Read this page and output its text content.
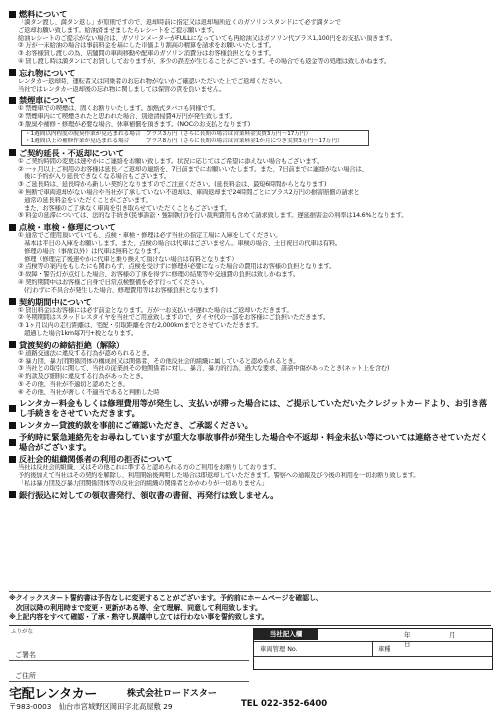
燃料について
「満タン渡し、満タン返し」が原則ですので、返却時前に指定又は返却場所近くのガソリンスタンドにて必ず満タンで
ご返却お願い致します。給油済ませましたらレシートをご提示願います。
給油レシートのご提示がない場合は、ガソリンメーターがFULLになっていても再給油又はガソリン代プラス1,100円をお支払い頂きます。
② 万が一未給油の場合は事前料金を基にした市価より割高の精算を請求をお願いいたします。
③ お客様貸し渡しの為、店舗間の車両移動や配車のガソリン消費分はお客様負担となります。
④ 貸し渡し時は満タンにてお貸ししておりますが、多少の誤差が生じることがございます。その場合でも返金等の処理は致しかねます。
忘れ物について
レンタカー返却時、運転者又は同乗者のお忘れ物がないかご確認いただいた上でご返却ください。
当社ではレンタカー返却後の忘れ物に関しましては保管の責を負いません。
禁煙車について
① 禁煙車での喫煙は、固くお断りいたします。加熱式タバコも同様です。
② 禁煙車内にて喫煙されたと思われた場合、別途清掃費4万円が発生致します。
③ 脱臭や補修・修理が必要な場合、休車補償を頂きます。(NOCのお支払となります)
・1週間以内程度の脱臭作業が見込まれる場合　プラス3万円（さらに長期の場合は営業料金実費3万円～17万円）
・1週間以上の補修作業が見込まれる場合　　　プラス8万円（さらに長期の場合は営業料金1か月につき実費3万円～17万円）
ご契約延長・不返却について
① ご契約時間の変更は速やかにご連絡をお願い致します。状況に応じてはご希望に添えない場合もございます。
② 一ヶ月以上ご利用のお客様は延長／ご返却の連絡を、7日前までにお願いいたします。また、7日前までに連絡がない場合は、
　後に予約が入り延長できなくなる場合もございます。
③ ご延長時は、延長時から新しい契約となりますのでご注意ください。(延長料金は、最短6時間からとなります)
④ 無断で車両返却がない場合や当社が了承していない不返却は、車両返却まで24時間ごとにプラス2万円の損害賠償の請求と
　通常の延長料金をいただくことがございます。
　また、お客様のご了承なく車両を引き取らせていただくこともございます。
⑤ 料金の延滞については、法的な手続き(民事訴訟・強制執行)を行い裁判費用も含めて請求致します。遅延損害金の利率は14.6%となります。
点検・車検・修理について
① 通常でご使用頂いていても、点検・車検・修理は必ず当社の指定工場に入庫をしてください。
　基本は平日の入庫をお願いします。また、点検の場合は代車はございません。車検の場合、土日祝日の代車は有料。
　修理の場合（事故以外）は代車は無料となります。
　修理（修理完了後速やかに代車と乗り換えて頂けない場合は有料となります）
② 点検等の案内をもしたにも関わらず、点検を受けずに修理が必要になった場合の費用はお客様の負担となります。
③ 故障・警告灯が点灯した場合、お客様の了承を得ずに修理の結果等や交通費の負担は致しかねます。
④ 契約期間中はお客様ご自身で日常点検整備を必ず行ってください。
　(行わずに不具合が発生した場合、修理費用等はお客様負担となります)
契約期間中について
① 貸出料金はお客様には必ず前金となります。万が一お支払いが遅れた場合はご返却いただきます。
② 冬期期間はスタッドレスタイヤを当社でご用意致しますので、タイヤ代の一部をお客様にご負担いただきます。
③ 1ヶ月以内の走行距離は、宅配・引取距離を含む2,000kmまでとさせていただきます。
　超過した場合1km毎7円+税となります。
貸渡契約の締結拒絶（解除）
① 道路交通法に違反する行為が認められるとき。
② 暴力団、暴力団関係団体の構成員又は関係者、その他反社会的組織に属していると認められるとき。
③ 当社との取引に関して、当社の従業員その他関係者に対し、暴言、暴力的行為、過大な要求、誹謗中傷があったとき(ネット上を含む)
④ 約款及び細則に違反する行為があったとき。
⑤ その他、当社が不適切と認めたとき。
⑥ その他、当社が著しく不適当であると判断した時
レンタカー料金もしくは修理費用等が発生し、支払いが滞った場合には、ご提示していただいたクレジットカードより、お引き落し手続きをさせていただきます。
レンタカー貸渡約款を事前にご確認いただき、ご承認ください。
予約時に緊急連絡先をお尋ねしていますが重大な事故事件が発生した場合や不返却・料金未払い等については連絡させていただく場合がございます。
反社会的組織関係者の利用の拒否について
当社は反社会的組織、又はその他これに準ずると認められる方のご利用をお断りしております。
予約後加えて当社はその契約を解除し、利用開始後判明した場合は即返却していただきます。警察への通報及び今後の利用を一切お断り致します。
「私は暴力団及び暴力団関係団体等の反社会的組織の関係者とかかわりが一切ありません」
銀行振込に対しての領収書発行、領収書の書留、再発行は致しません。
※クイックスタート誓約書は予告なしに変更することがございます。予約前にホームページを確認し、
　次回以降の利用時まで変更・更新がある等、全て理解、同意して利用致します。
※上記内容をすべて確認・了承・熟守し異議申し立ては行わない事を誓約致します。
ふりがな
ご署名
ご住所
当社記入欄	年　月　日
車両管理 No.	車種
宅配レンタカー	株式会社ロードスター
〒983-0003　仙台市宮城野区岡田字北高屋敷 29	TEL 022-352-6400
